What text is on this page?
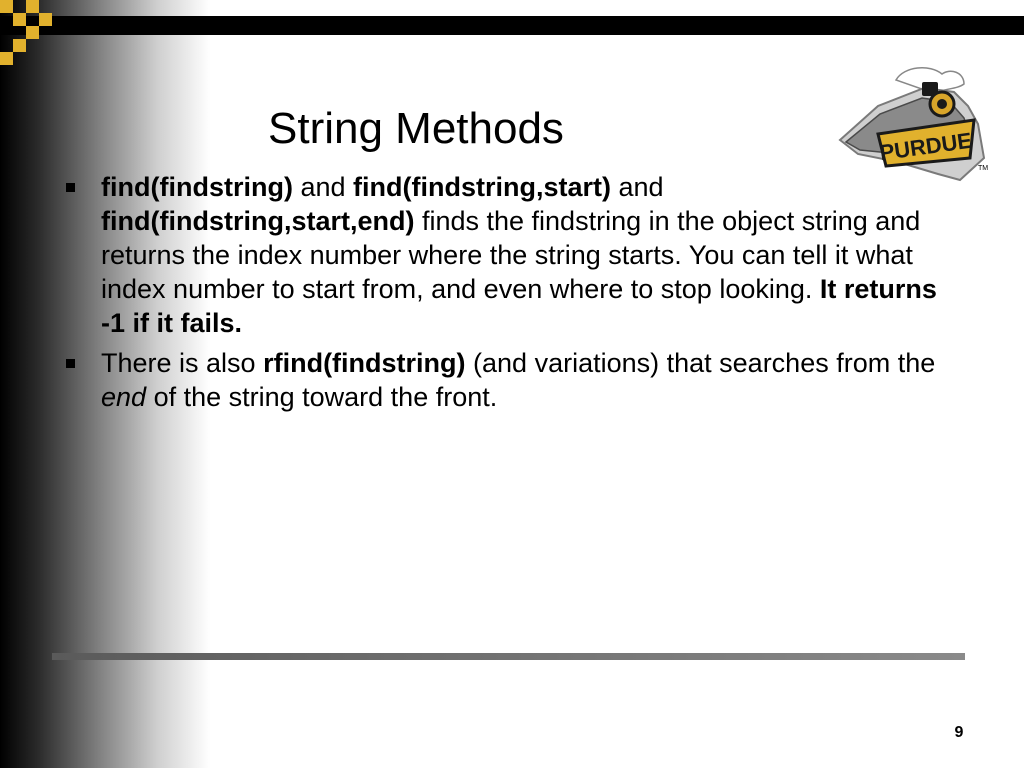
String Methods	PURDUE
TM
find(findstring) and find(findstring,start) and find(findstring,start,end) finds the findstring in the object string and returns the index number where the string starts. You can tell it what index number to start from, and even where to stop looking. It returns -1 if it fails.
There is also rfind(findstring) (and variations) that searches from the end of the string toward the front.
9
